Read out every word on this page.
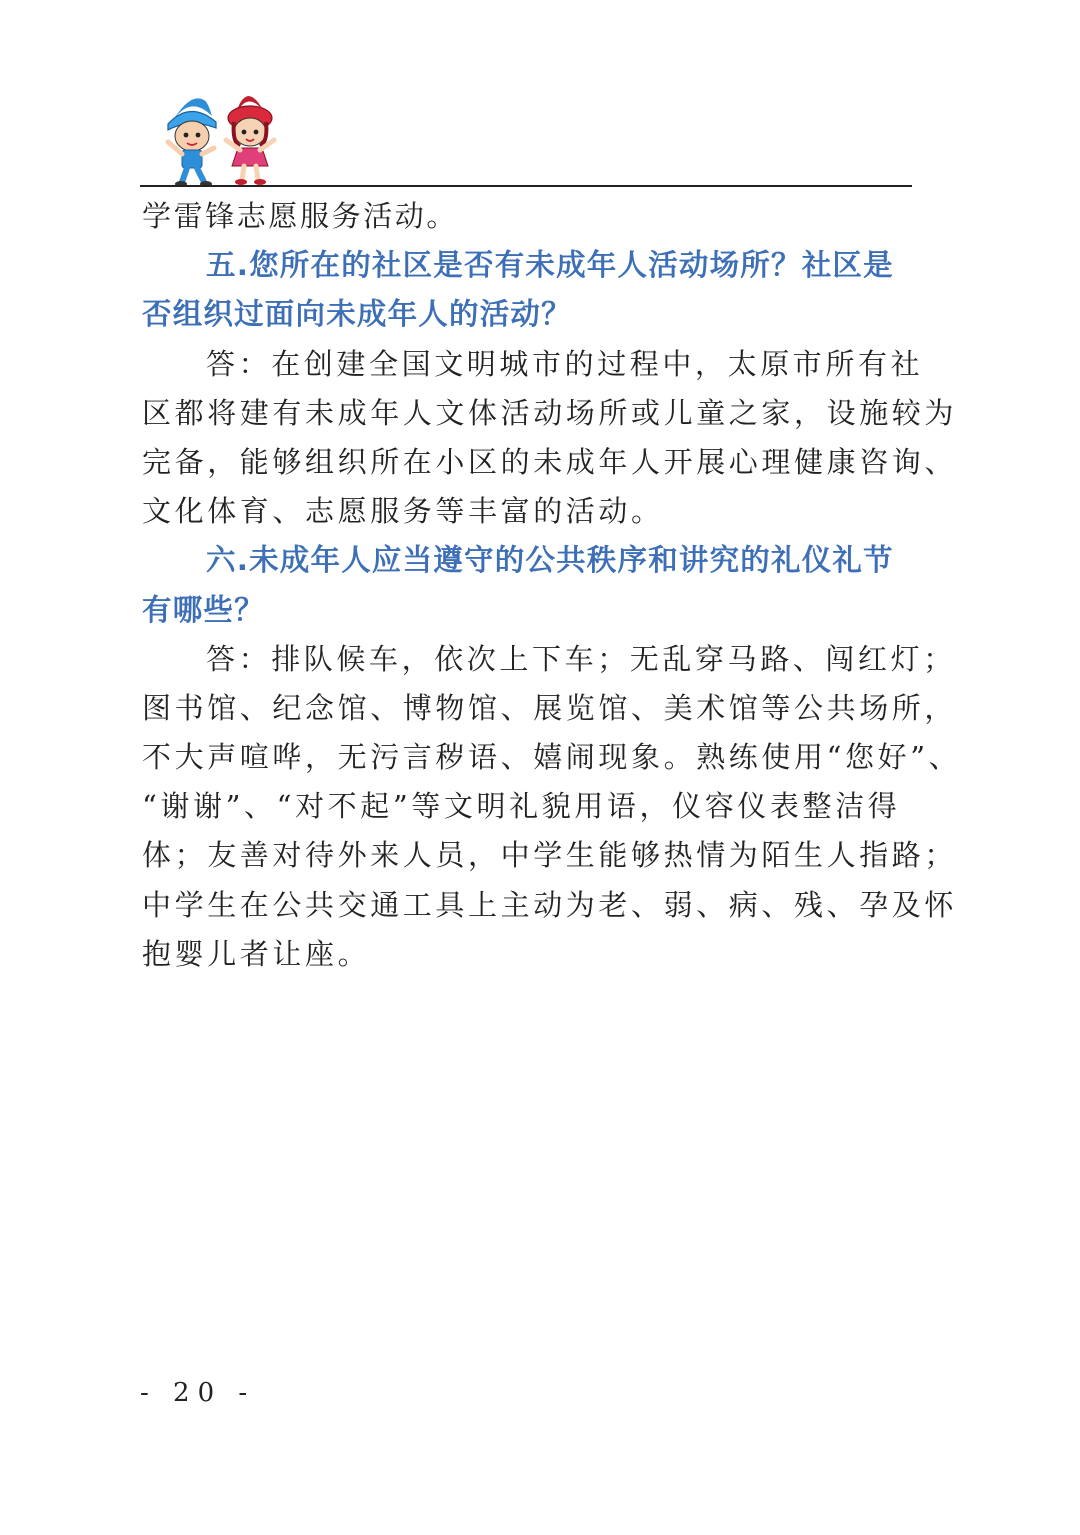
学雷锋志愿服务活动。
五.您所在的社区是否有未成年人活动场所？社区是
否组织过面向未成年人的活动？
答：在创建全国文明城市的过程中，太原市所有社
区都将建有未成年人文体活动场所或儿童之家，设施较为
完备，能够组织所在小区的未成年人开展心理健康咨询、
文化体育、志愿服务等丰富的活动。
六.未成年人应当遵守的公共秩序和讲究的礼仪礼节
有哪些？
答：排队候车，依次上下车；无乱穿马路、闯红灯；
图书馆、纪念馆、博物馆、展览馆、美术馆等公共场所，
不大声喧哗，无污言秽语、嬉闹现象。熟练使用“您好”、
“谢谢”、“对不起”等文明礼貌用语，仪容仪表整洁得
体；友善对待外来人员，中学生能够热情为陌生人指路；
中学生在公共交通工具上主动为老、弱、病、残、孕及怀
抱婴儿者让座。
- 20 -
